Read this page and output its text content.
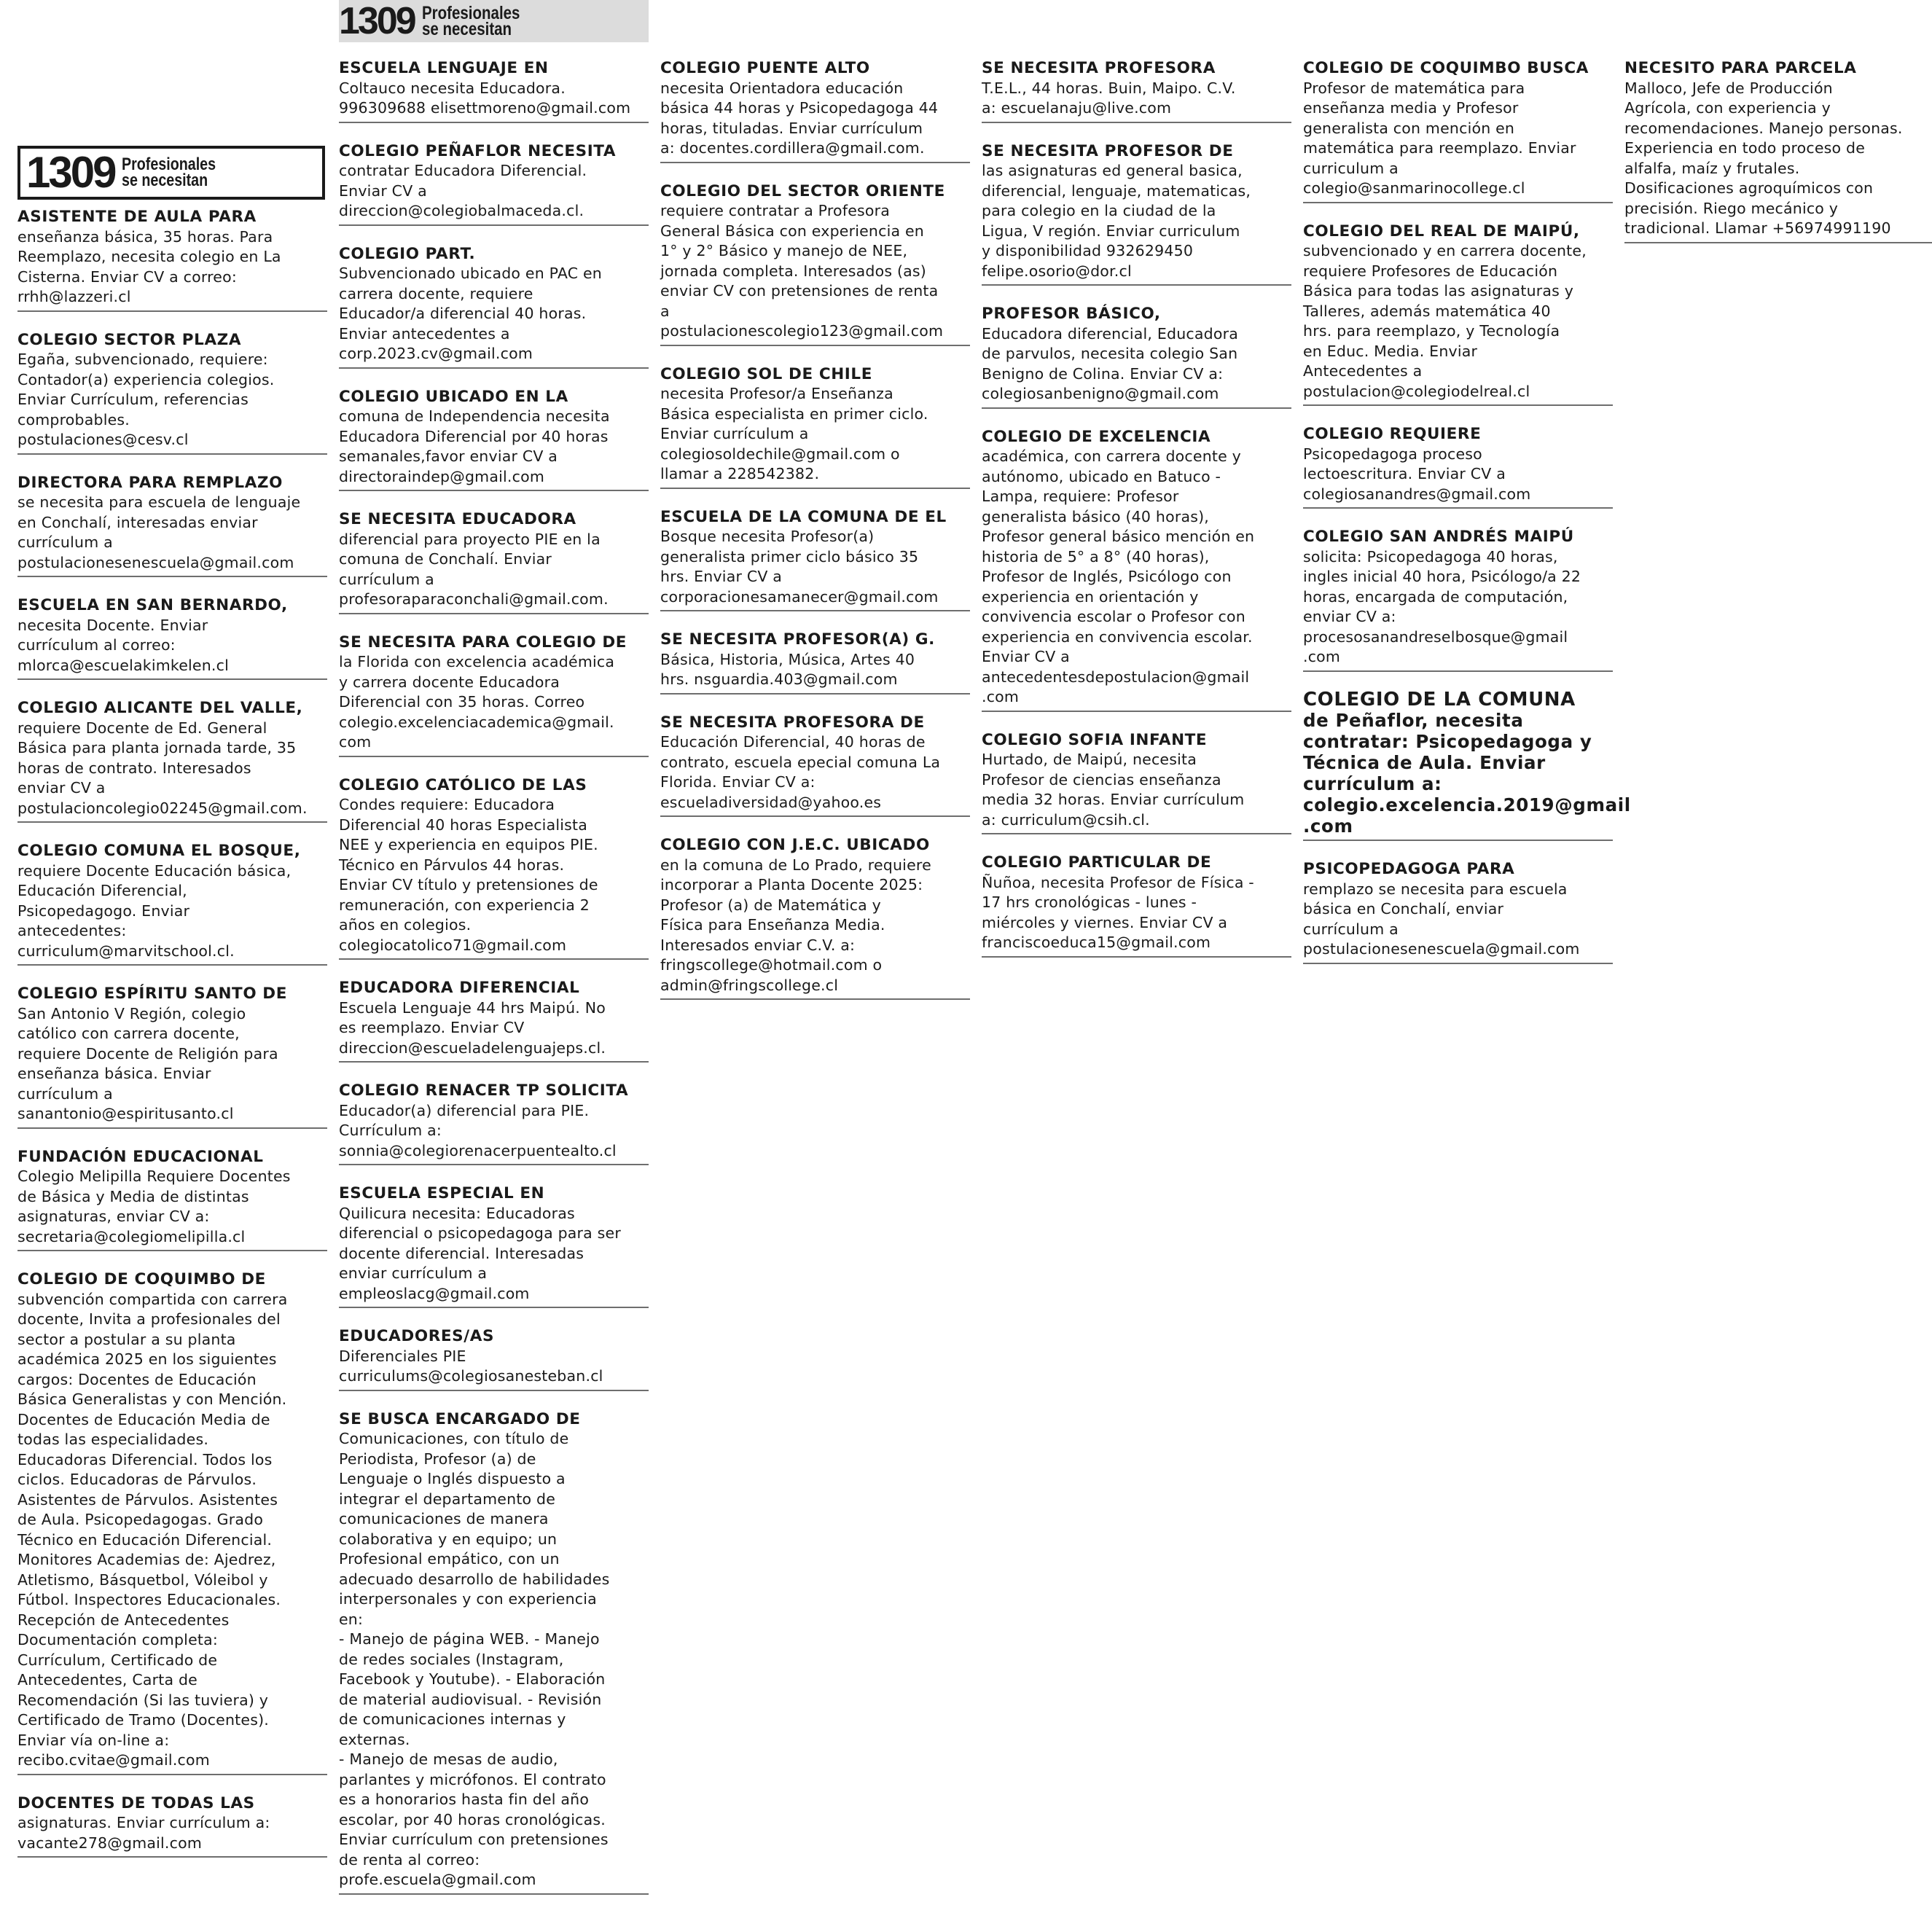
1309 Profesionales
se necesitan
1309 Profesionales
se necesitan
ASISTENTE DE AULA PARA
enseñanza básica, 35 horas. Para
Reemplazo, necesita colegio en La
Cisterna. Enviar CV a correo:
rrhh@lazzeri.cl
COLEGIO SECTOR PLAZA
Egaña, subvencionado, requiere:
Contador(a) experiencia colegios.
Enviar Currículum, referencias
comprobables.
postulaciones@cesv.cl
DIRECTORA PARA REMPLAZO
se necesita para escuela de lenguaje
en Conchalí, interesadas enviar
currículum a
postulacionesenescuela@gmail.com
ESCUELA EN SAN BERNARDO,
necesita Docente. Enviar
currículum al correo:
mlorca@escuelakimkelen.cl
COLEGIO ALICANTE DEL VALLE,
requiere Docente de Ed. General
Básica para planta jornada tarde, 35
horas de contrato. Interesados
enviar CV a
postulacioncolegio02245@gmail.com.
COLEGIO COMUNA EL BOSQUE,
requiere Docente Educación básica,
Educación Diferencial,
Psicopedagogo. Enviar
antecedentes:
curriculum@marvitschool.cl.
COLEGIO ESPÍRITU SANTO DE
San Antonio V Región, colegio
católico con carrera docente,
requiere Docente de Religión para
enseñanza básica. Enviar
currículum a
sanantonio@espiritusanto.cl
FUNDACIÓN EDUCACIONAL
Colegio Melipilla Requiere Docentes
de Básica y Media de distintas
asignaturas, enviar CV a:
secretaria@colegiomelipilla.cl
COLEGIO DE COQUIMBO DE
subvención compartida con carrera
docente, Invita a profesionales del
sector a postular a su planta
académica 2025 en los siguientes
cargos: Docentes de Educación
Básica Generalistas y con Mención.
Docentes de Educación Media de
todas las especialidades.
Educadoras Diferencial. Todos los
ciclos. Educadoras de Párvulos.
Asistentes de Párvulos. Asistentes
de Aula. Psicopedagogas. Grado
Técnico en Educación Diferencial.
Monitores Academias de: Ajedrez,
Atletismo, Básquetbol, Vóleibol y
Fútbol. Inspectores Educacionales.
Recepción de Antecedentes
Documentación completa:
Currículum, Certificado de
Antecedentes, Carta de
Recomendación (Si las tuviera) y
Certificado de Tramo (Docentes).
Enviar vía on-line a:
recibo.cvitae@gmail.com
DOCENTES DE TODAS LAS
asignaturas. Enviar currículum a:
vacante278@gmail.com
ESCUELA LENGUAJE EN
Coltauco necesita Educadora.
996309688 elisettmoreno@gmail.com
COLEGIO PEÑAFLOR NECESITA
contratar Educadora Diferencial.
Enviar CV a
direccion@colegiobalmaceda.cl.
COLEGIO PART.
Subvencionado ubicado en PAC en
carrera docente, requiere
Educador/a diferencial 40 horas.
Enviar antecedentes a
corp.2023.cv@gmail.com
COLEGIO UBICADO EN LA
comuna de Independencia necesita
Educadora Diferencial por 40 horas
semanales,favor enviar CV a
directoraindep@gmail.com
SE NECESITA EDUCADORA
diferencial para proyecto PIE en la
comuna de Conchalí. Enviar
currículum a
profesoraparaconchali@gmail.com.
SE NECESITA PARA COLEGIO DE
la Florida con excelencia académica
y carrera docente Educadora
Diferencial con 35 horas. Correo
colegio.excelenciacademica@gmail.
com
COLEGIO CATÓLICO DE LAS
Condes requiere: Educadora
Diferencial 40 horas Especialista
NEE y experiencia en equipos PIE.
Técnico en Párvulos 44 horas.
Enviar CV título y pretensiones de
remuneración, con experiencia 2
años en colegios.
colegiocatolico71@gmail.com
EDUCADORA DIFERENCIAL
Escuela Lenguaje 44 hrs Maipú. No
es reemplazo. Enviar CV
direccion@escueladelenguajeps.cl.
COLEGIO RENACER TP SOLICITA
Educador(a) diferencial para PIE.
Currículum a:
sonnia@colegiorenacerpuentealto.cl
ESCUELA ESPECIAL EN
Quilicura necesita: Educadoras
diferencial o psicopedagoga para ser
docente diferencial. Interesadas
enviar currículum a
empleoslacg@gmail.com
EDUCADORES/AS
Diferenciales PIE
curriculums@colegiosanesteban.cl
SE BUSCA ENCARGADO DE
Comunicaciones, con título de
Periodista, Profesor (a) de
Lenguaje o Inglés dispuesto a
integrar el departamento de
comunicaciones de manera
colaborativa y en equipo; un
Profesional empático, con un
adecuado desarrollo de habilidades
interpersonales y con experiencia
en:
- Manejo de página WEB. - Manejo
de redes sociales (Instagram,
Facebook y Youtube). - Elaboración
de material audiovisual. - Revisión
de comunicaciones internas y
externas.
- Manejo de mesas de audio,
parlantes y micrófonos. El contrato
es a honorarios hasta fin del año
escolar, por 40 horas cronológicas.
Enviar currículum con pretensiones
de renta al correo:
profe.escuela@gmail.com
COLEGIO PUENTE ALTO
necesita Orientadora educación
básica 44 horas y Psicopedagoga 44
horas, tituladas. Enviar currículum
a: docentes.cordillera@gmail.com.
COLEGIO DEL SECTOR ORIENTE
requiere contratar a Profesora
General Básica con experiencia en
1° y 2° Básico y manejo de NEE,
jornada completa. Interesados (as)
enviar CV con pretensiones de renta
a
postulacionescolegio123@gmail.com
COLEGIO SOL DE CHILE
necesita Profesor/a Enseñanza
Básica especialista en primer ciclo.
Enviar currículum a
colegiosoldechile@gmail.com o
llamar a 228542382.
ESCUELA DE LA COMUNA DE EL
Bosque necesita Profesor(a)
generalista primer ciclo básico 35
hrs. Enviar CV a
corporacionesamanecer@gmail.com
SE NECESITA PROFESOR(A) G.
Básica, Historia, Música, Artes 40
hrs. nsguardia.403@gmail.com
SE NECESITA PROFESORA DE
Educación Diferencial, 40 horas de
contrato, escuela epecial comuna La
Florida. Enviar CV a:
escueladiversidad@yahoo.es
COLEGIO CON J.E.C. UBICADO
en la comuna de Lo Prado, requiere
incorporar a Planta Docente 2025:
Profesor (a) de Matemática y
Física para Enseñanza Media.
Interesados enviar C.V. a:
fringscollege@hotmail.com o
admin@fringscollege.cl
SE NECESITA PROFESORA
T.E.L., 44 horas. Buin, Maipo. C.V.
a: escuelanaju@live.com
SE NECESITA PROFESOR DE
las asignaturas ed general basica,
diferencial, lenguaje, matematicas,
para colegio en la ciudad de la
Ligua, V región. Enviar curriculum
y disponibilidad 932629450
felipe.osorio@dor.cl
PROFESOR BÁSICO,
Educadora diferencial, Educadora
de parvulos, necesita colegio San
Benigno de Colina. Enviar CV a:
colegiosanbenigno@gmail.com
COLEGIO DE EXCELENCIA
académica, con carrera docente y
autónomo, ubicado en Batuco -
Lampa, requiere: Profesor
generalista básico (40 horas),
Profesor general básico mención en
historia de 5° a 8° (40 horas),
Profesor de Inglés, Psicólogo con
experiencia en orientación y
convivencia escolar o Profesor con
experiencia en convivencia escolar.
Enviar CV a
antecedentesdepostulacion@gmail
.com
COLEGIO SOFIA INFANTE
Hurtado, de Maipú, necesita
Profesor de ciencias enseñanza
media 32 horas. Enviar currículum
a: curriculum@csih.cl.
COLEGIO PARTICULAR DE
Ñuñoa, necesita Profesor de Física -
17 hrs cronológicas - lunes -
miércoles y viernes. Enviar CV a
franciscoeduca15@gmail.com
COLEGIO DE COQUIMBO BUSCA
Profesor de matemática para
enseñanza media y Profesor
generalista con mención en
matemática para reemplazo. Enviar
curriculum a
colegio@sanmarinocollege.cl
COLEGIO DEL REAL DE MAIPÚ,
subvencionado y en carrera docente,
requiere Profesores de Educación
Básica para todas las asignaturas y
Talleres, además matemática 40
hrs. para reemplazo, y Tecnología
en Educ. Media. Enviar
Antecedentes a
postulacion@colegiodelreal.cl
COLEGIO REQUIERE
Psicopedagoga proceso
lectoescritura. Enviar CV a
colegiosanandres@gmail.com
COLEGIO SAN ANDRÉS MAIPÚ
solicita: Psicopedagoga 40 horas,
ingles inicial 40 hora, Psicólogo/a 22
horas, encargada de computación,
enviar CV a:
procesosanandreselbosque@gmail
.com
COLEGIO DE LA COMUNA
de Peñaflor, necesita
contratar: Psicopedagoga y
Técnica de Aula. Enviar
currículum a:
colegio.excelencia.2019@gmail
.com
PSICOPEDAGOGA PARA
remplazo se necesita para escuela
básica en Conchalí, enviar
currículum a
postulacionesenescuela@gmail.com
NECESITO PARA PARCELA
Malloco, Jefe de Producción
Agrícola, con experiencia y
recomendaciones. Manejo personas.
Experiencia en todo proceso de
alfalfa, maíz y frutales.
Dosificaciones agroquímicos con
precisión. Riego mecánico y
tradicional. Llamar +56974991190
